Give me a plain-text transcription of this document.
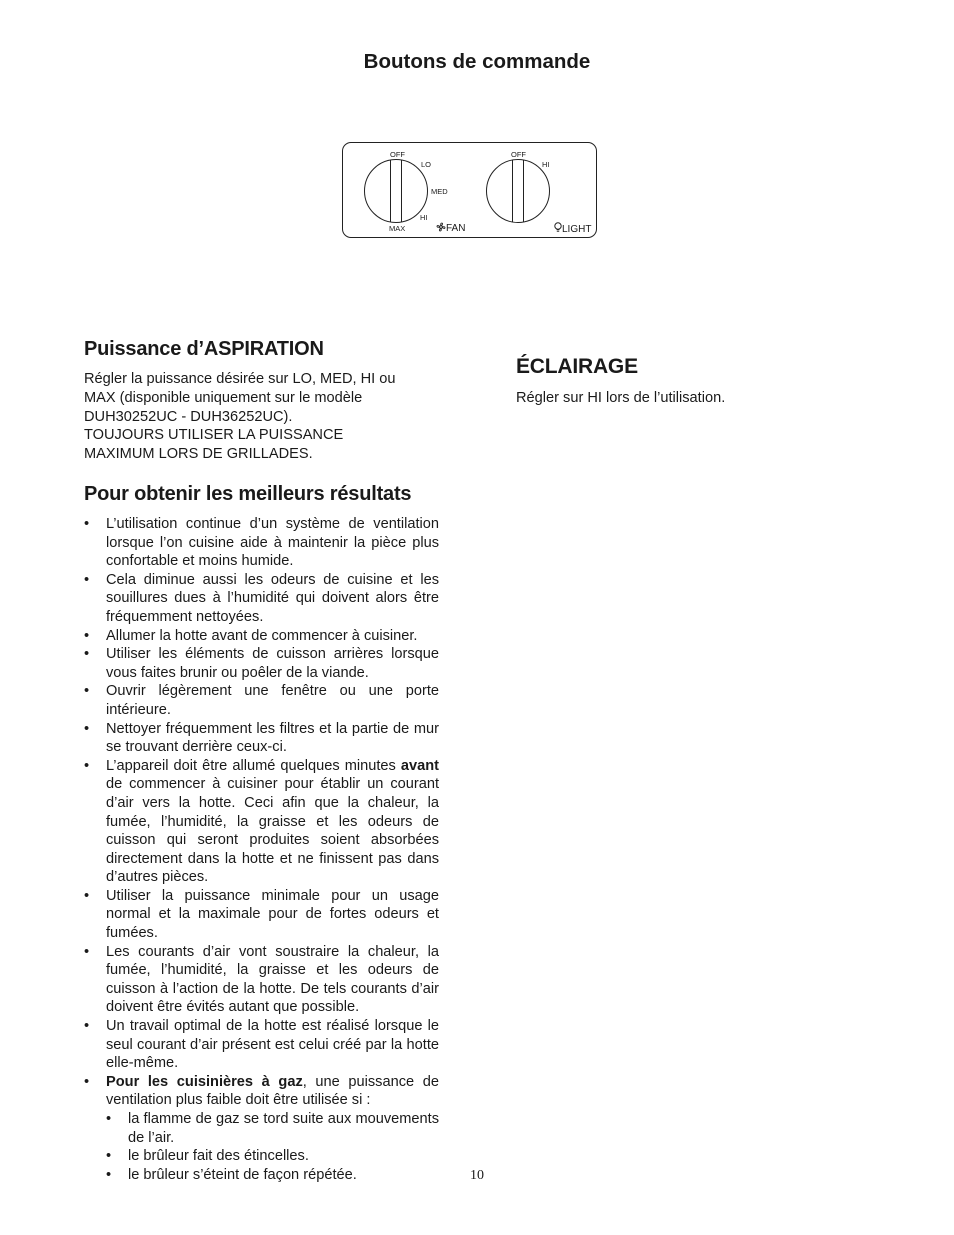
Boutons de commande
OFF
LO
MED
HI
MAX	FAN
OFF
HI
LIGHT
Puissance d’ASPIRATION
Régler la puissance désirée sur LO, MED, HI ou
MAX (disponible uniquement sur le modèle
DUH30252UC - DUH36252UC).
TOUJOURS UTILISER LA PUISSANCE
MAXIMUM LORS DE GRILLADES.
ÉCLAIRAGE
Régler sur HI lors de l’utilisation.
Pour obtenir les meilleurs résultats
• L’utilisation continue d’un système de ventilation lorsque l’on cuisine aide à maintenir la pièce plus confortable et moins humide.
• Cela diminue aussi les odeurs de cuisine et les souillures dues à l’humidité qui doivent alors être fréquemment nettoyées.
• Allumer la hotte avant de commencer à cuisiner.
• Utiliser les éléments de cuisson arrières lorsque vous faites brunir ou poêler de la viande.
• Ouvrir légèrement une fenêtre ou une porte intérieure.
• Nettoyer fréquemment les filtres et la partie de mur se trouvant derrière ceux-ci.
• L’appareil doit être allumé quelques minutes avant de commencer à cuisiner pour établir un courant d’air vers la hotte. Ceci afin que la chaleur, la fumée, l’humidité, la graisse et les odeurs de cuisson qui seront produites soient absorbées directement dans la hotte et ne finissent pas dans d’autres pièces.
• Utiliser la puissance minimale pour un usage normal et la maximale pour de fortes odeurs et fumées.
• Les courants d’air vont soustraire la chaleur, la fumée, l’humidité, la graisse et les odeurs de cuisson à l’action de la hotte. De tels courants d’air doivent être évités autant que possible.
• Un travail optimal de la hotte est réalisé lorsque le seul courant d’air présent est celui créé par la hotte elle-même.
• Pour les cuisinières à gaz, une puissance de ventilation plus faible doit être utilisée si :
• la flamme de gaz se tord suite aux mouvements de l’air.
• le brûleur fait des étincelles.
• le brûleur s’éteint de façon répétée.	10
